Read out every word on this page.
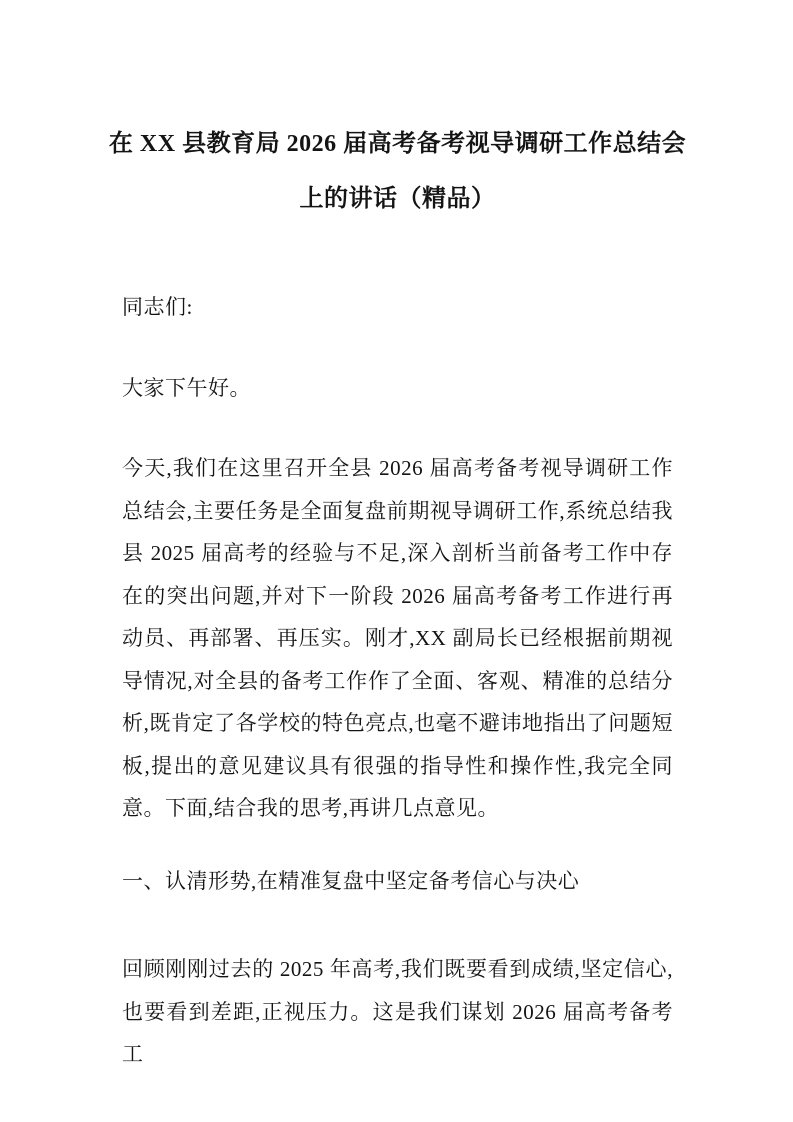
在 XX 县教育局 2026 届高考备考视导调研工作总结会上的讲话（精品）

同志们:

大家下午好。

今天,我们在这里召开全县 2026 届高考备考视导调研工作总结会,主要任务是全面复盘前期视导调研工作,系统总结我县 2025 届高考的经验与不足,深入剖析当前备考工作中存在的突出问题,并对下一阶段 2026 届高考备考工作进行再动员、再部署、再压实。刚才,XX 副局长已经根据前期视导情况,对全县的备考工作作了全面、客观、精准的总结分析,既肯定了各学校的特色亮点,也毫不避讳地指出了问题短板,提出的意见建议具有很强的指导性和操作性,我完全同意。下面,结合我的思考,再讲几点意见。

一、认清形势,在精准复盘中坚定备考信心与决心

回顾刚刚过去的 2025 年高考,我们既要看到成绩,坚定信心,也要看到差距,正视压力。这是我们谋划 2026 届高考备考工
